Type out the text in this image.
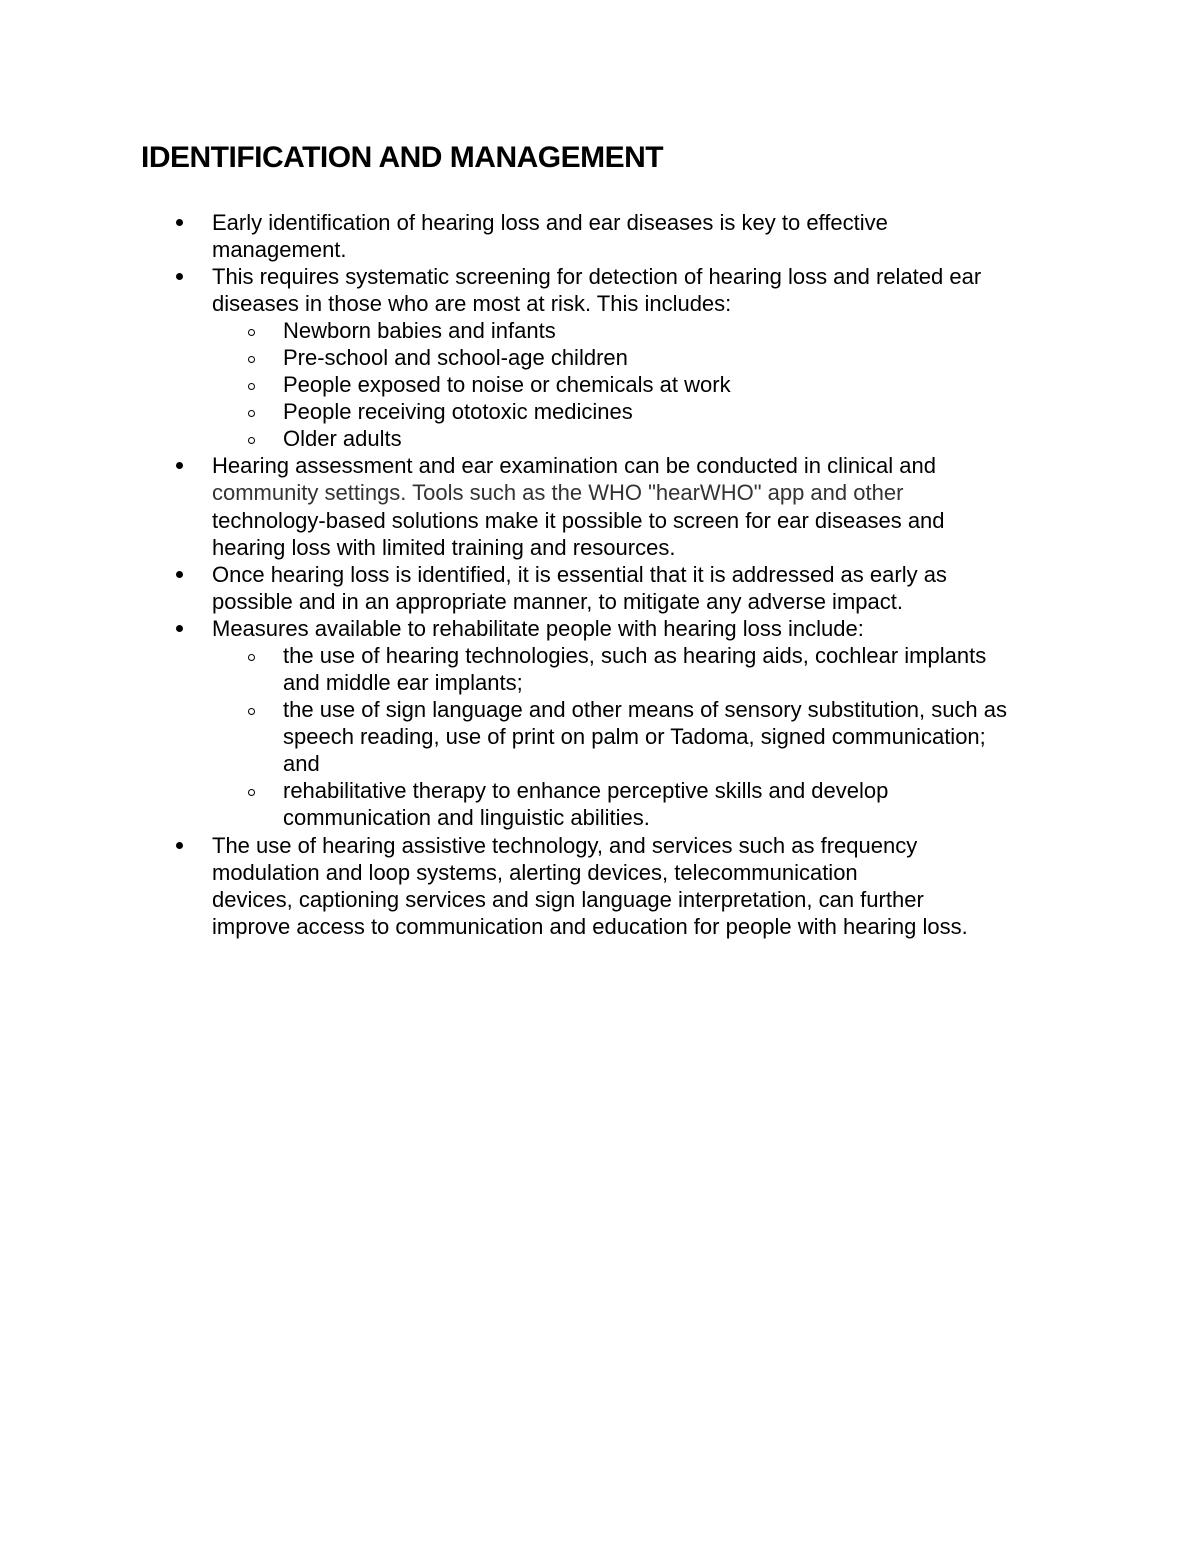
IDENTIFICATION AND MANAGEMENT
Early identification of hearing loss and ear diseases is key to effective
management.
This requires systematic screening for detection of hearing loss and related ear
diseases in those who are most at risk. This includes:
Newborn babies and infants
Pre-school and school-age children
People exposed to noise or chemicals at work
People receiving ototoxic medicines
Older adults
Hearing assessment and ear examination can be conducted in clinical and
community settings. Tools such as the WHO "hearWHO" app and other
technology-based solutions make it possible to screen for ear diseases and
hearing loss with limited training and resources.
Once hearing loss is identified, it is essential that it is addressed as early as
possible and in an appropriate manner, to mitigate any adverse impact.
Measures available to rehabilitate people with hearing loss include:
the use of hearing technologies, such as hearing aids, cochlear implants
and middle ear implants;
the use of sign language and other means of sensory substitution, such as
speech reading, use of print on palm or Tadoma, signed communication;
and
rehabilitative therapy to enhance perceptive skills and develop
communication and linguistic abilities.
The use of hearing assistive technology, and services such as frequency
modulation and loop systems, alerting devices, telecommunication
devices, captioning services and sign language interpretation, can further
improve access to communication and education for people with hearing loss.
